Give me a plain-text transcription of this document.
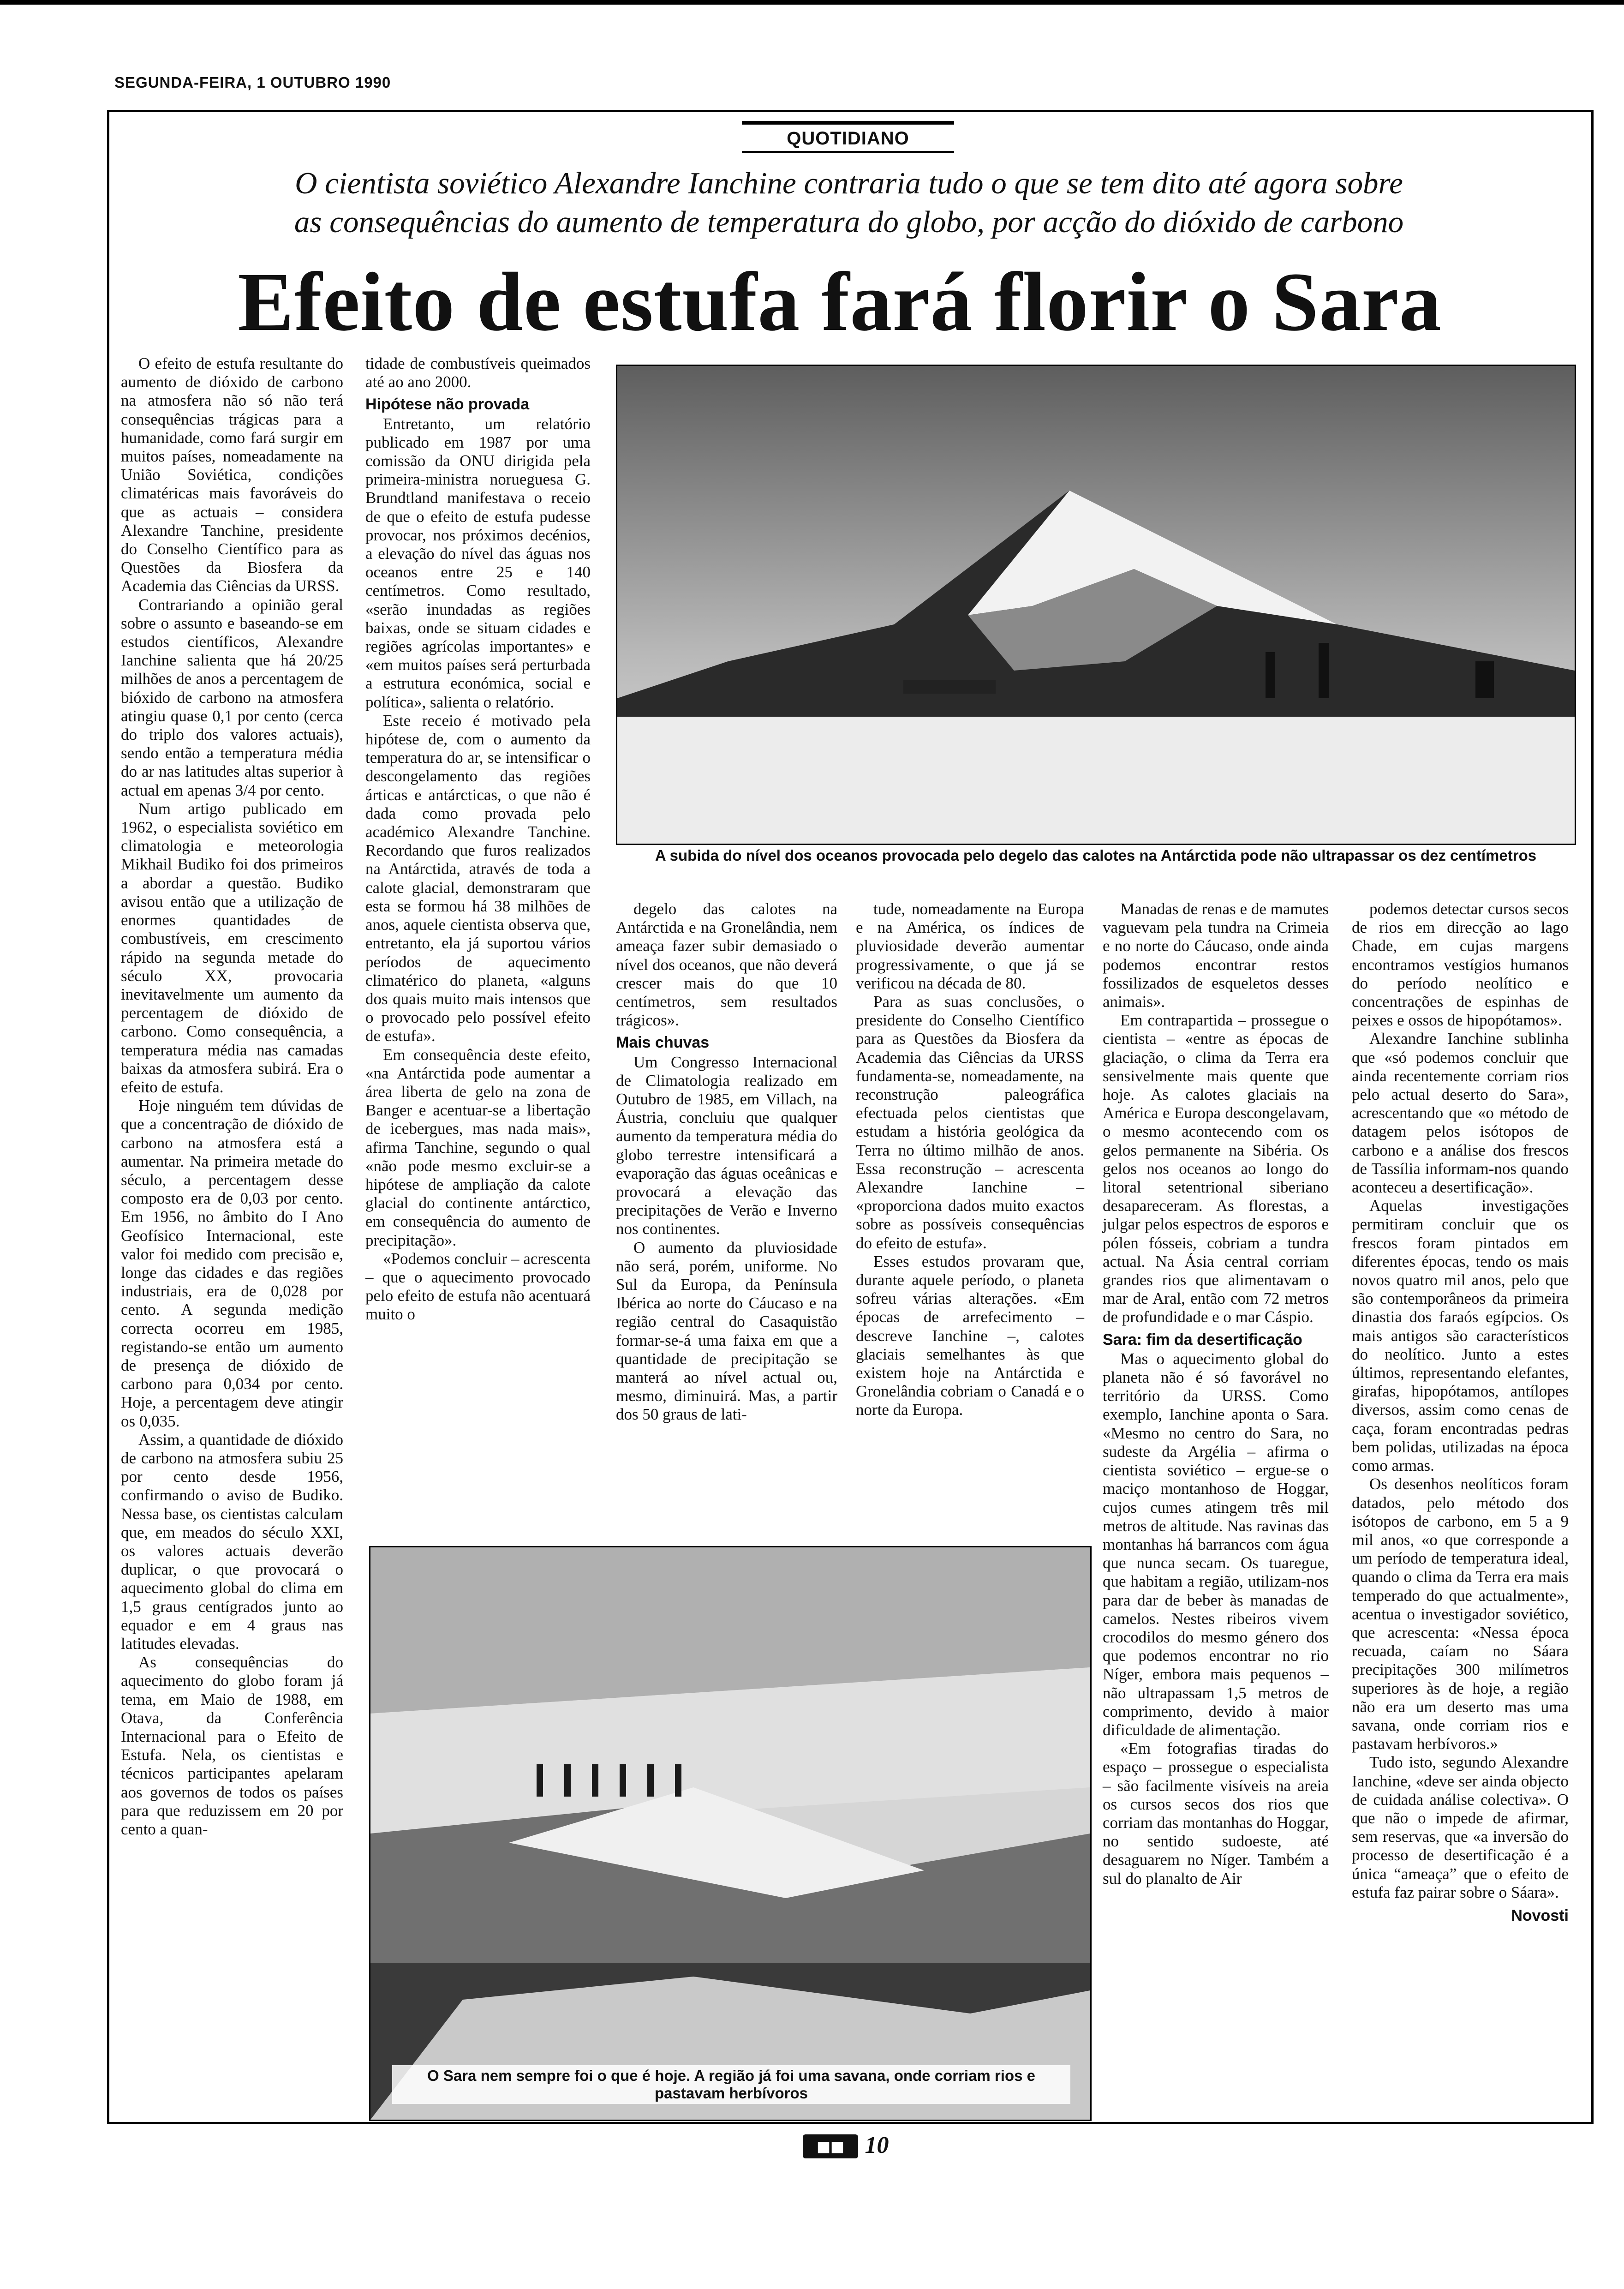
SEGUNDA-FEIRA, 1 OUTUBRO 1990
QUOTIDIANO
O cientista soviético Alexandre Ianchine contraria tudo o que se tem dito até agora sobre
as consequências do aumento de temperatura do globo, por acção do dióxido de carbono
Efeito de estufa fará florir o Sara

O efeito de estufa resultante do aumento de dióxido de carbono na atmosfera não só não terá consequências trágicas para a humanidade, como fará surgir em muitos países, nomeadamente na União Soviética, condições climatéricas mais favoráveis do que as actuais – considera Alexandre Tanchine, presidente do Conselho Científico para as Questões da Biosfera da Academia das Ciências da URSS.

Contrariando a opinião geral sobre o assunto e baseando-se em estudos científicos, Alexandre Ianchine salienta que há 20/25 milhões de anos a percentagem de bióxido de carbono na atmosfera atingiu quase 0,1 por cento (cerca do triplo dos valores actuais), sendo então a temperatura média do ar nas latitudes altas superior à actual em apenas 3/4 por cento.

Num artigo publicado em 1962, o especialista soviético em climatologia e meteorologia Mikhail Budiko foi dos primeiros a abordar a questão. Budiko avisou então que a utilização de enormes quantidades de combustíveis, em crescimento rápido na segunda metade do século XX, provocaria inevitavelmente um aumento da percentagem de dióxido de carbono. Como consequência, a temperatura média nas camadas baixas da atmosfera subirá. Era o efeito de estufa.

Hoje ninguém tem dúvidas de que a concentração de dióxido de carbono na atmosfera está a aumentar. Na primeira metade do século, a percentagem desse composto era de 0,03 por cento. Em 1956, no âmbito do I Ano Geofísico Internacional, este valor foi medido com precisão e, longe das cidades e das regiões industriais, era de 0,028 por cento. A segunda medição correcta ocorreu em 1985, registando-se então um aumento de presença de dióxido de carbono para 0,034 por cento. Hoje, a percentagem deve atingir os 0,035.

Assim, a quantidade de dióxido de carbono na atmosfera subiu 25 por cento desde 1956, confirmando o aviso de Budiko. Nessa base, os cientistas calculam que, em meados do século XXI, os valores actuais deverão duplicar, o que provocará o aquecimento global do clima em 1,5 graus centígrados junto ao equador e em 4 graus nas latitudes elevadas.

As consequências do aquecimento do globo foram já tema, em Maio de 1988, em Otava, da Conferência Internacional para o Efeito de Estufa. Nela, os cientistas e técnicos participantes apelaram aos governos de todos os países para que reduzissem em 20 por cento a quan-

tidade de combustíveis queimados até ao ano 2000.

Hipótese não provada

Entretanto, um relatório publicado em 1987 por uma comissão da ONU dirigida pela primeira-ministra norueguesa G. Brundtland manifestava o receio de que o efeito de estufa pudesse provocar, nos próximos decénios, a elevação do nível das águas nos oceanos entre 25 e 140 centímetros. Como resultado, «serão inundadas as regiões baixas, onde se situam cidades e regiões agrícolas importantes» e «em muitos países será perturbada a estrutura económica, social e política», salienta o relatório.

Este receio é motivado pela hipótese de, com o aumento da temperatura do ar, se intensificar o descongelamento das regiões árticas e antárcticas, o que não é dada como provada pelo académico Alexandre Tanchine. Recordando que furos realizados na Antárctida, através de toda a calote glacial, demonstraram que esta se formou há 38 milhões de anos, aquele cientista observa que, entretanto, ela já suportou vários períodos de aquecimento climatérico do planeta, «alguns dos quais muito mais intensos que o provocado pelo possível efeito de estufa».

Em consequência deste efeito, «na Antárctida pode aumentar a área liberta de gelo na zona de Banger e acentuar-se a libertação de icebergues, mas nada mais», afirma Tanchine, segundo o qual «não pode mesmo excluir-se a hipótese de ampliação da calote glacial do continente antárctico, em consequência do aumento de precipitação».

«Podemos concluir – acrescenta – que o aquecimento provocado pelo efeito de estufa não acentuará muito o

A subida do nível dos oceanos provocada pelo degelo das calotes na Antárctida pode não ultrapassar os dez centímetros

degelo das calotes na Antárctida e na Gronelândia, nem ameaça fazer subir demasiado o nível dos oceanos, que não deverá crescer mais do que 10 centímetros, sem resultados trágicos».

Mais chuvas

Um Congresso Internacional de Climatologia realizado em Outubro de 1985, em Villach, na Áustria, concluiu que qualquer aumento da temperatura média do globo terrestre intensificará a evaporação das águas oceânicas e provocará a elevação das precipitações de Verão e Inverno nos continentes.

O aumento da pluviosidade não será, porém, uniforme. No Sul da Europa, da Península Ibérica ao norte do Cáucaso e na região central do Casaquistão formar-se-á uma faixa em que a quantidade de precipitação se manterá ao nível actual ou, mesmo, diminuirá. Mas, a partir dos 50 graus de lati-

tude, nomeadamente na Europa e na América, os índices de pluviosidade deverão aumentar progressivamente, o que já se verificou na década de 80.

Para as suas conclusões, o presidente do Conselho Científico para as Questões da Biosfera da Academia das Ciências da URSS fundamenta-se, nomeadamente, na reconstrução paleográfica efectuada pelos cientistas que estudam a história geológica da Terra no último milhão de anos. Essa reconstrução – acrescenta Alexandre Ianchine – «proporciona dados muito exactos sobre as possíveis consequências do efeito de estufa».

Esses estudos provaram que, durante aquele período, o planeta sofreu várias alterações. «Em épocas de arrefecimento – descreve Ianchine –, calotes glaciais semelhantes às que existem hoje na Antárctida e Gronelândia cobriam o Canadá e o norte da Europa.

Manadas de renas e de mamutes vaguevam pela tundra na Crimeia e no norte do Cáucaso, onde ainda podemos encontrar restos fossilizados de esqueletos desses animais».

Em contrapartida – prossegue o cientista – «entre as épocas de glaciação, o clima da Terra era sensivelmente mais quente que hoje. As calotes glaciais na América e Europa descongelavam, o mesmo acontecendo com os gelos permanente na Sibéria. Os gelos nos oceanos ao longo do litoral setentrional siberiano desapareceram. As florestas, a julgar pelos espectros de esporos e pólen fósseis, cobriam a tundra actual. Na Ásia central corriam grandes rios que alimentavam o mar de Aral, então com 72 metros de profundidade e o mar Cáspio.

Sara: fim da desertificação

Mas o aquecimento global do planeta não é só favorável no território da URSS. Como exemplo, Ianchine aponta o Sara. «Mesmo no centro do Sara, no sudeste da Argélia – afirma o cientista soviético – ergue-se o maciço montanhoso de Hoggar, cujos cumes atingem três mil metros de altitude. Nas ravinas das montanhas há barrancos com água que nunca secam. Os tuaregue, que habitam a região, utilizam-nos para dar de beber às manadas de camelos. Nestes ribeiros vivem crocodilos do mesmo género dos que podemos encontrar no rio Níger, embora mais pequenos – não ultrapassam 1,5 metros de comprimento, devido à maior dificuldade de alimentação.

«Em fotografias tiradas do espaço – prossegue o especialista – são facilmente visíveis na areia os cursos secos dos rios que corriam das montanhas do Hoggar, no sentido sudoeste, até desaguarem no Níger. Também a sul do planalto de Air

podemos detectar cursos secos de rios em direcção ao lago Chade, em cujas margens encontramos vestígios humanos do período neolítico e concentrações de espinhas de peixes e ossos de hipopótamos».

Alexandre Ianchine sublinha que «só podemos concluir que ainda recentemente corriam rios pelo actual deserto do Sara», acrescentando que «o método de datagem pelos isótopos de carbono e a análise dos frescos de Tassília informam-nos quando aconteceu a desertificação».

Aquelas investigações permitiram concluir que os frescos foram pintados em diferentes épocas, tendo os mais novos quatro mil anos, pelo que são contemporâneos da primeira dinastia dos faraós egípcios. Os mais antigos são característicos do neolítico. Junto a estes últimos, representando elefantes, girafas, hipopótamos, antílopes diversos, assim como cenas de caça, foram encontradas pedras bem polidas, utilizadas na época como armas.

Os desenhos neolíticos foram datados, pelo método dos isótopos de carbono, em 5 a 9 mil anos, «o que corresponde a um período de temperatura ideal, quando o clima da Terra era mais temperado do que actualmente», acentua o investigador soviético, que acrescenta: «Nessa época recuada, caíam no Sáara precipitações 300 milímetros superiores às de hoje, a região não era um deserto mas uma savana, onde corriam rios e pastavam herbívoros.»

Tudo isto, segundo Alexandre Ianchine, «deve ser ainda objecto de cuidada análise colectiva». O que não o impede de afirmar, sem reservas, que «a inversão do processo de desertificação é a única “ameaça” que o efeito de estufa faz pairar sobre o Sáara».

Novosti
O Sara nem sempre foi o que é hoje. A região já foi uma savana, onde corriam rios e pastavam herbívoros
◼◼ 10
